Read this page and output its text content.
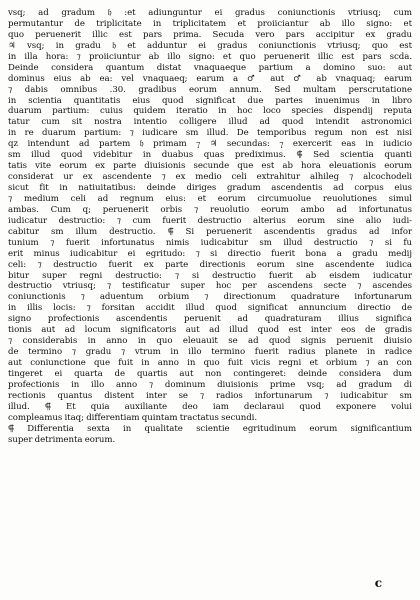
vsq; ad gradum 𝔥 :et adiunguntur ei gradus coniunctionis vtriusq; cum
permutantur de triplicitate in triplicitatem et proiiciantur ab illo signo: et
quo peruenerit illic est pars prima. Secuda vero pars accipitur ex gradu
♃ vsq; in gradu 𝔥 et adduntur ei gradus coniunctionis vtriusq; quo est
in illa hora: ⁊ proiiciuntur ab illo signo: et quo peruenerit illic est pars scda.
Deinde considera quantum distat vnaquaeque partium a domino suo: aut
dominus eius ab ea: vel vnaquaeq; earum a ♂ aut ♂ ab vnaquaq; earum
⁊ dabis omnibus .30. gradibus eorum annum. Sed multam perscrutatione
in scientia quantitatis eius quod significat due partes inuenimus in libro
duarum partium: cuius quidem iteratio in hoc loco species dispendij reputa
tatur cum sit nostra intentio colligere illud ad quod intendit astronomici
in re duarum partium: ⁊ iudicare sm illud. De temporibus regum non est nisi
qz intendunt ad partem 𝔥 primam ⁊ ♃ secundas: ⁊ exercerit eas in iudicio
sm illud quod videbitur in duabus quas prediximus. ⸿ Sed scientia quanti
tatis vite eorum ex parte diuisionis secunde que est ab hora eleuationis eorum
considerat ur ex ascendente ⁊ ex medio celi extrahitur alhileg ⁊ alcochodeli
sicut fit in natiuitatibus: deinde diriges gradum ascendentis ad corpus eius
⁊ medium celi ad regnum eius: et eorum circumuolue reuolutiones simul
ambas. Cum q; peruenerit orbis ⁊ reuolutio eorum ambo ad infortunatus
iudicatur destructio: ⁊ cum fuerit destructio alterius eorum sine alio iudi-
cabitur sm illum destructio. ⸿ Si peruenerit ascendentis gradus ad infor
tunium ⁊ fuerit infortunatus nimis iudicabitur sm illud destructio ⁊ si fu
erit minus iudicabitur ei egritudo: ⁊ si directio fuerit bona a gradu medij
celi: ⁊ destructio fuerit ex parte directionis eorum sine ascendente iudica
bitur super regni destructio: ⁊ si destructio fuerit ab eisdem iudicatur
destructio vtriusq; ⁊ testificatur super hoc per ascendens secte ⁊ ascendes
coniunctionis ⁊ aduentum orbium ⁊ directionum quadrature infortunarum
in illis locis: ⁊ forsitan accidit illud quod significat annuncium directio de
signo profectionis ascendentis peruenit ad quadraturam illius significa
tionis aut ad locum significatoris aut ad illud quod est inter eos de gradis
⁊ considerabis in anno in quo eleuauit se ad quod signis peruenit diuisio
de termino ⁊ gradu ⁊ vtrum in illo termino fuerit radius planete in radice
aut coniunctione que fuit in anno in quo fuit vicis regni et orbium ⁊ an con
tingeret ei quarta de quartis aut non contingeret: deinde considera dum
profectionis in illo anno ⁊ dominum diuisionis prime vsq; ad gradum di
rectionis quantus distent inter se ⁊ radios infortunarum ⁊ iudicabitur sm
illud. ⸿ Et quia auxiliante deo iam declaraui quod exponere volui
compleamus itaq; differentiam quintam tractatus secundi.
⸿ Differentia sexta in qualitate scientie egritudinum eorum significantium
super detrimenta eorum.
c
